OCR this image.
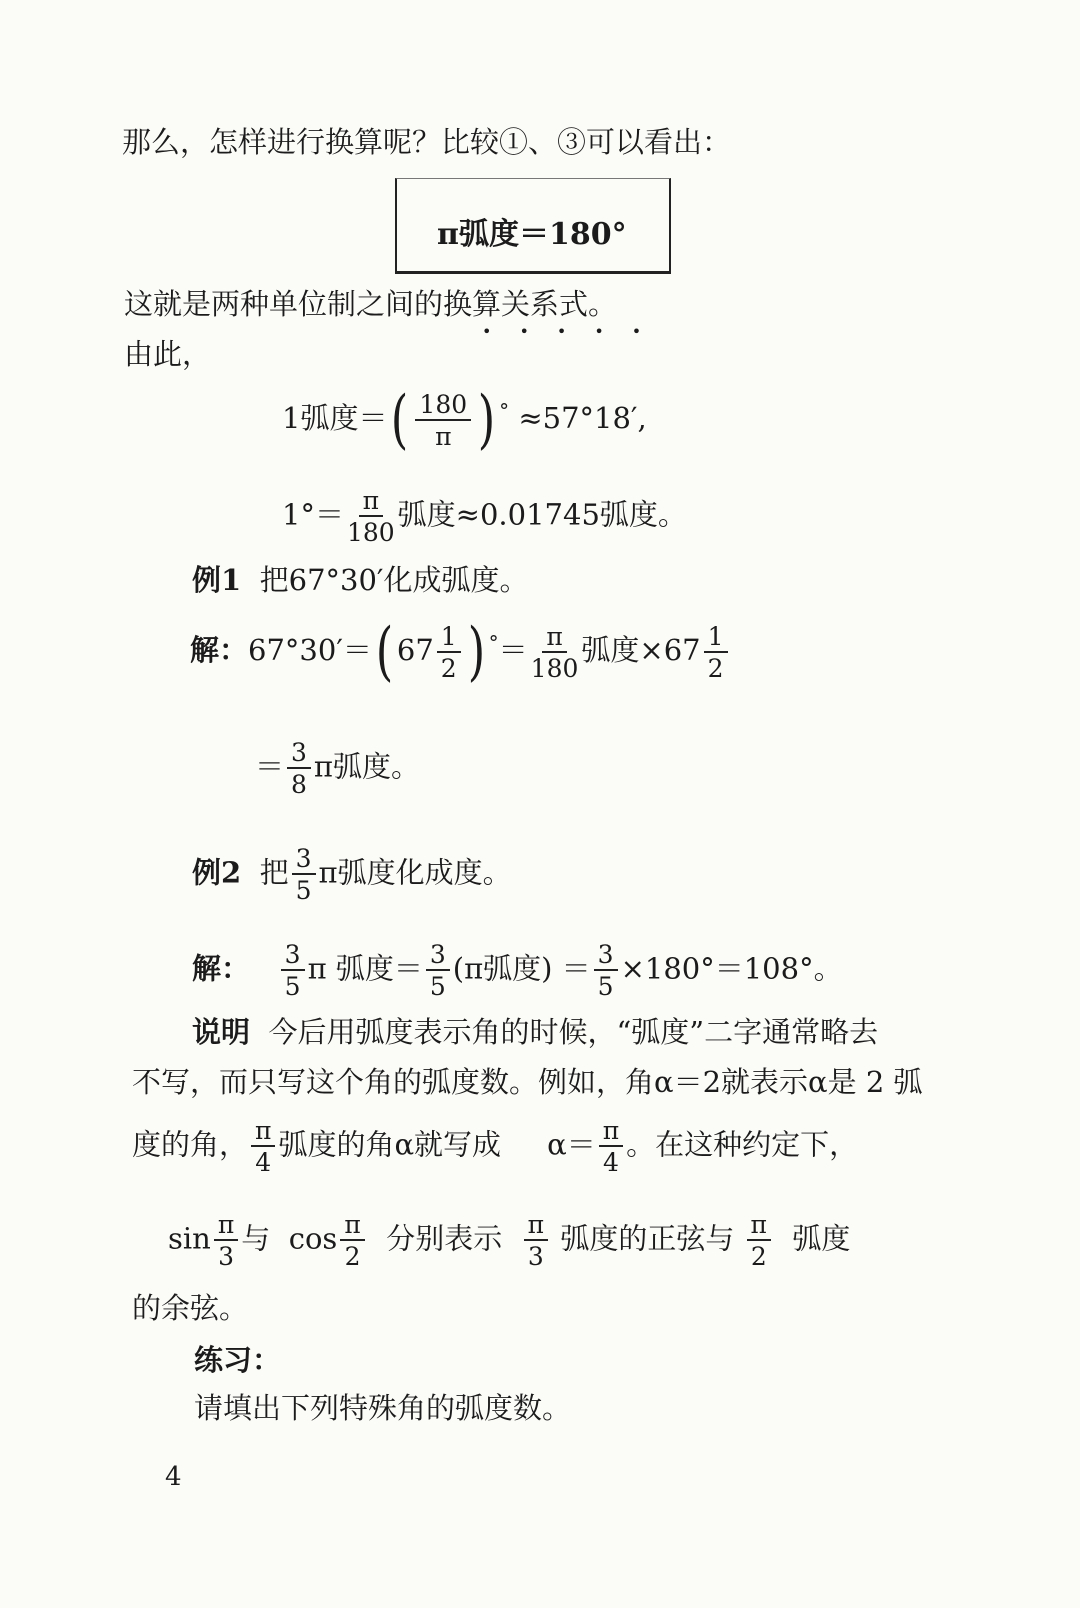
那么，怎样进行换算呢？比较①、③可以看出：
π弧度＝180°
这就是两种单位制之间的换算关系式。
•••••
由此，
1弧度＝( $\frac{180}{\pi}$ ) ° ≈57°18′,
$1^\circ= \frac{\pi}{180}$ 弧度≈0.01745弧度。
例1 把67°30′化成弧度。
解：67°30′＝( $67 \frac{1}{2}$ ) $^\circ= \frac{\pi}{180}$ 弧度$\times 67 \frac{1}{2}$
＝ $\frac{3}{8}$ π弧度。
例2 把 $\frac{3}{5}$ π弧度化成度。
解： $\frac{3}{5}$ π 弧度＝ $\frac{3}{5} (\pi$弧度) ＝ $\frac{3}{5} \times 180^\circ=108^\circ$。
说明 今后用弧度表示角的时候，“弧度”二字通常略去
不写，而只写这个角的弧度数。例如，角α＝2就表示α是 2 弧
度的角， $\frac{\pi}{4}$ 弧度的角α就写成 $\alpha= \frac{\pi}{4}$ 。在这种约定下，
$\sin \frac{\pi}{3}$ 与 $\cos \frac{\pi}{2}$ 分别表示 $\frac{\pi}{3}$ 弧度的正弦与 $\frac{\pi}{2}$ 弧度
的余弦。
练习：
请填出下列特殊角的弧度数。
4
